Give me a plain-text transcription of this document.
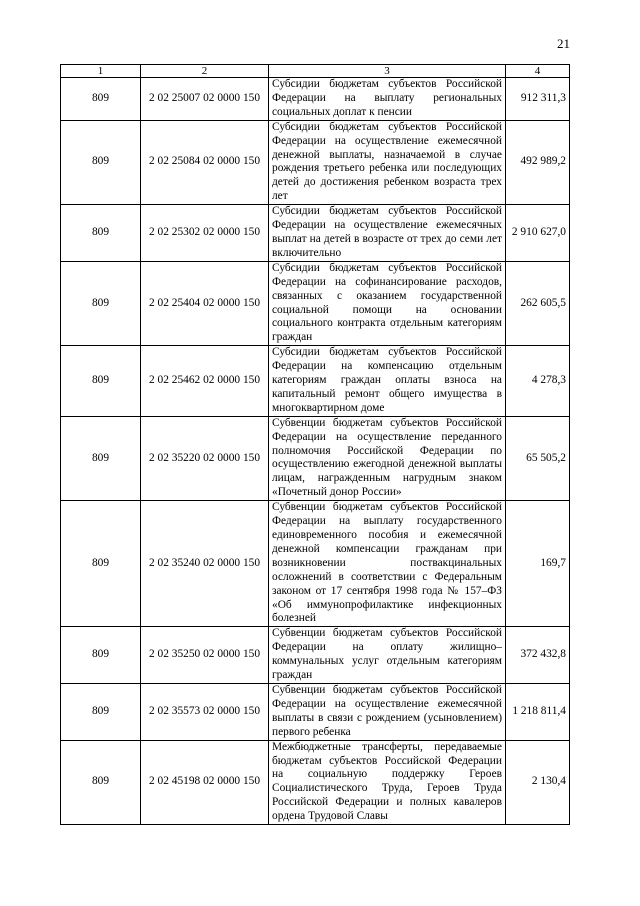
21
1	2	3	4
809	2 02 25007 02 0000 150	Субсидии бюджетам субъектов Российской Федерации на выплату региональных социальных доплат к пенсии	912 311,3
809	2 02 25084 02 0000 150	Субсидии бюджетам субъектов Российской Федерации на осуществление ежемесячной денежной выплаты, назначаемой в случае рождения третьего ребенка или последующих детей до достижения ребенком возраста трех лет	492 989,2
809	2 02 25302 02 0000 150	Субсидии бюджетам субъектов Российской Федерации на осуществление ежемесячных выплат на детей в возрасте от трех до семи лет включительно	2 910 627,0
809	2 02 25404 02 0000 150	Субсидии бюджетам субъектов Российской Федерации на софинансирование расходов, связанных с оказанием государственной социальной помощи на основании социального контракта отдельным категориям граждан	262 605,5
809	2 02 25462 02 0000 150	Субсидии бюджетам субъектов Российской Федерации на компенсацию отдельным категориям граждан оплаты взноса на капитальный ремонт общего имущества в многоквартирном доме	4 278,3
809	2 02 35220 02 0000 150	Субвенции бюджетам субъектов Российской Федерации на осуществление переданного полномочия Российской Федерации по осуществлению ежегодной денежной выплаты лицам, награжденным нагрудным знаком «Почетный донор России»	65 505,2
809	2 02 35240 02 0000 150	Субвенции бюджетам субъектов Российской Федерации на выплату государственного единовременного пособия и ежемесячной денежной компенсации гражданам при возникновении поствакцинальных осложнений в соответствии с Федеральным законом от 17 сентября 1998 года № 157–ФЗ «Об иммунопрофилактике инфекционных болезней	169,7
809	2 02 35250 02 0000 150	Субвенции бюджетам субъектов Российской Федерации на оплату жилищно–коммунальных услуг отдельным категориям граждан	372 432,8
809	2 02 35573 02 0000 150	Субвенции бюджетам субъектов Российской Федерации на осуществление ежемесячной выплаты в связи с рождением (усыновлением) первого ребенка	1 218 811,4
809	2 02 45198 02 0000 150	Межбюджетные трансферты, передаваемые бюджетам субъектов Российской Федерации на социальную поддержку Героев Социалистического Труда, Героев Труда Российской Федерации и полных кавалеров ордена Трудовой Славы	2 130,4
